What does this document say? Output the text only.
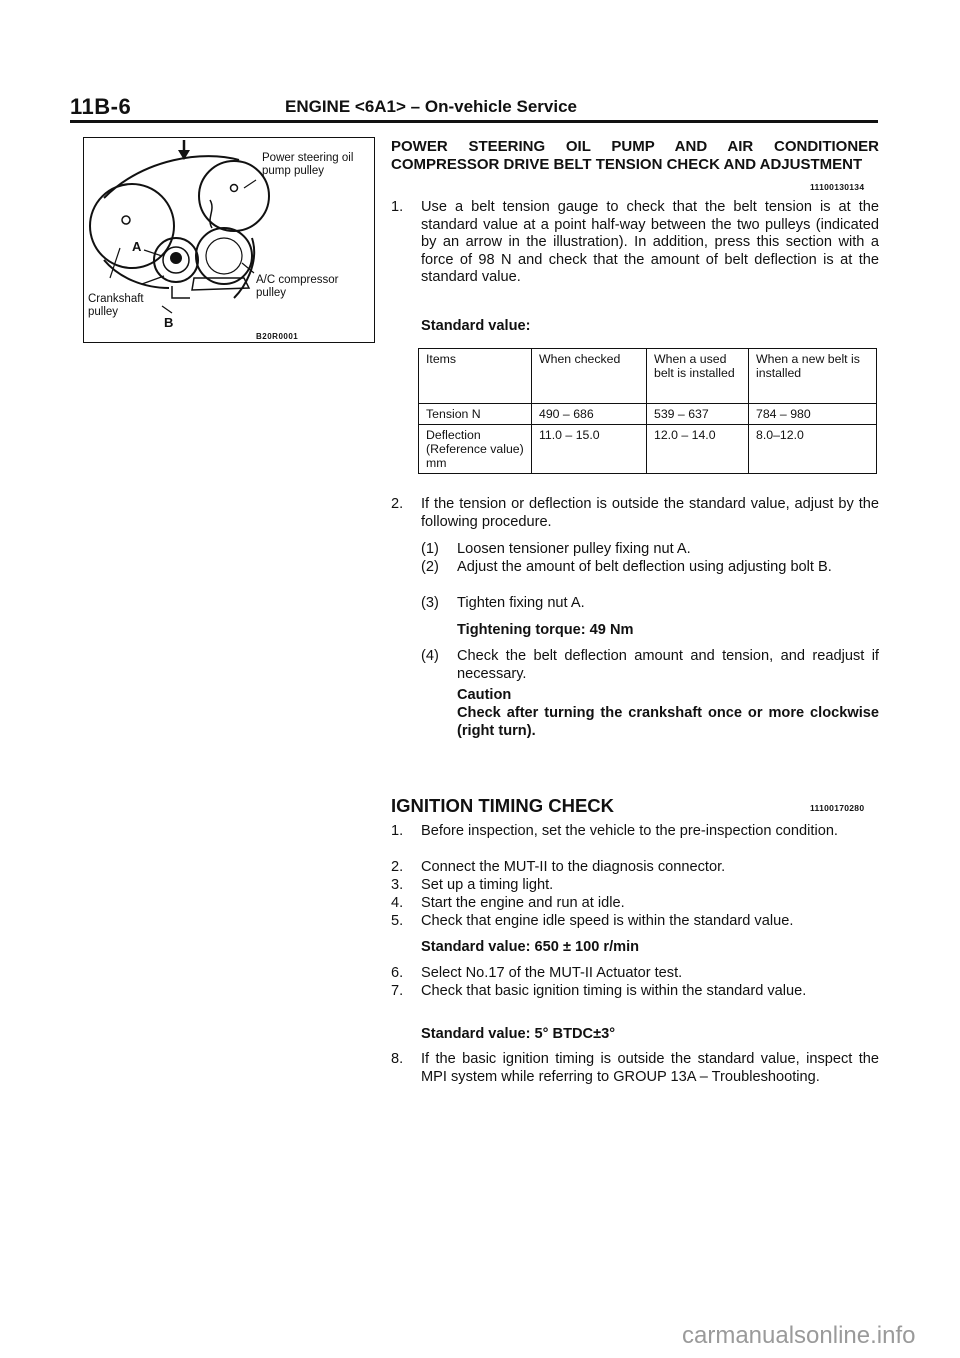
11B-6	ENGINE <6A1> – On-vehicle Service
Power steering oil pump pulley
A/C compressor pulley
Crankshaft pulley
A
B
B20R0001
POWER STEERING OIL PUMP AND AIR CONDITIONER COMPRESSOR DRIVE BELT TENSION CHECK AND ADJUSTMENT
11100130134
1. Use a belt tension gauge to check that the belt tension is at the standard value at a point half-way between the two pulleys (indicated by an arrow in the illustration). In addition, press this section with a force of 98 N and check that the amount of belt deflection is at the standard value.
Standard value:
Items	When checked	When a used belt is installed	When a new belt is installed
Tension N	490 – 686	539 – 637	784 – 980
Deflection (Reference value) mm	11.0 – 15.0	12.0 – 14.0	8.0–12.0
2. If the tension or deflection is outside the standard value, adjust by the following procedure.
(1) Loosen tensioner pulley fixing nut A.
(2) Adjust the amount of belt deflection using adjusting bolt B.
(3) Tighten fixing nut A.
Tightening torque: 49 Nm
(4) Check the belt deflection amount and tension, and readjust if necessary.
Caution
Check after turning the crankshaft once or more clockwise (right turn).
IGNITION TIMING CHECK	11100170280
1. Before inspection, set the vehicle to the pre-inspection condition.
2. Connect the MUT-II to the diagnosis connector.
3. Set up a timing light.
4. Start the engine and run at idle.
5. Check that engine idle speed is within the standard value.
Standard value: 650 ± 100 r/min
6. Select No.17 of the MUT-II Actuator test.
7. Check that basic ignition timing is within the standard value.
Standard value: 5° BTDC±3°
8. If the basic ignition timing is outside the standard value, inspect the MPI system while referring to GROUP 13A – Troubleshooting.
carmanualsonline.info
